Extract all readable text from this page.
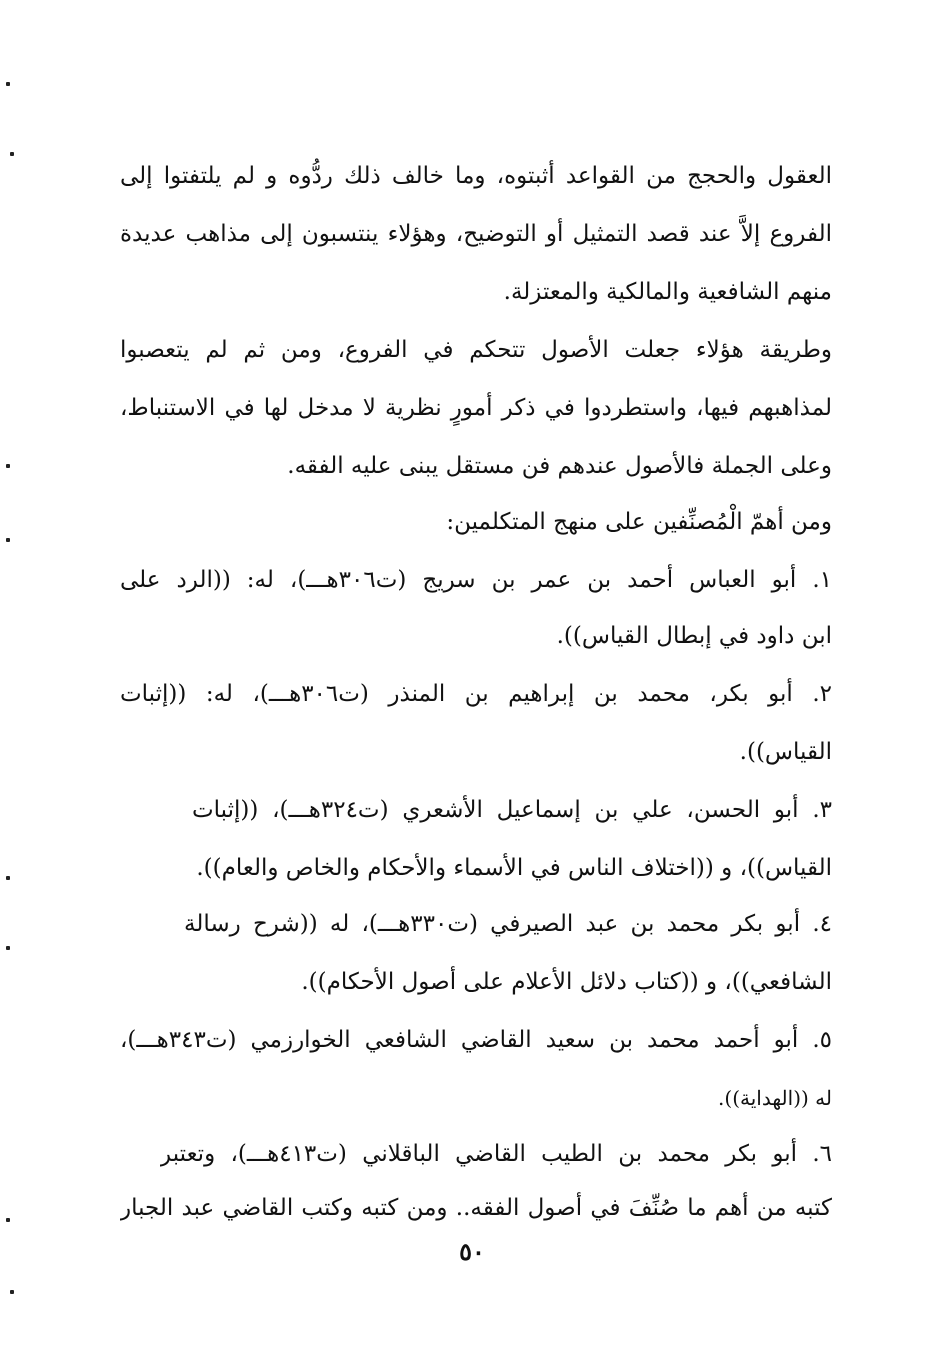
العقول والحجج من القواعد أثبتوه، وما خالف ذلك ردُّوه و لم يلتفتوا إلى
الفروع إلاَّ عند قصد التمثيل أو التوضيح، وهؤلاء ينتسبون إلى مذاهب عديدة
منهم الشافعية والمالكية والمعتزلة.
وطريقة هؤلاء جعلت الأصول تتحكم في الفروع، ومن ثم لم يتعصبوا
لمذاهبهم فيها، واستطردوا في ذكر أمورٍ نظرية لا مدخل لها في الاستنباط،
وعلى الجملة فالأصول عندهم فن مستقل يبنى عليه الفقه.
ومن أهمّ الْمُصنِّفين على منهج المتكلمين:
١. أبو العباس أحمد بن عمر بن سريج (ت٣٠٦هـــ)، له: ((الرد على
ابن داود في إبطال القياس)).
٢. أبو بكر، محمد بن إبراهيم بن المنذر (ت٣٠٦هـــ)، له: ((إثبات
القياس)).
٣. أبو الحسن، علي بن إسماعيل الأشعري (ت٣٢٤هـــ)، ((إثبات
القياس))، و ((اختلاف الناس في الأسماء والأحكام والخاص والعام)).
٤. أبو بكر محمد بن عبد الصيرفي (ت٣٣٠هـــ)، له ((شرح رسالة
الشافعي))، و ((كتاب دلائل الأعلام على أصول الأحكام)).
٥. أبو أحمد محمد بن سعيد القاضي الشافعي الخوارزمي (ت٣٤٣هـــ)،
له ((الهداية)).
٦. أبو بكر محمد بن الطيب القاضي الباقلاني (ت٤١٣هـــ)، وتعتبر
كتبه من أهم ما صُنِّفَ في أصول الفقه.. ومن كتبه وكتب القاضي عبد الجبار
٥٠
